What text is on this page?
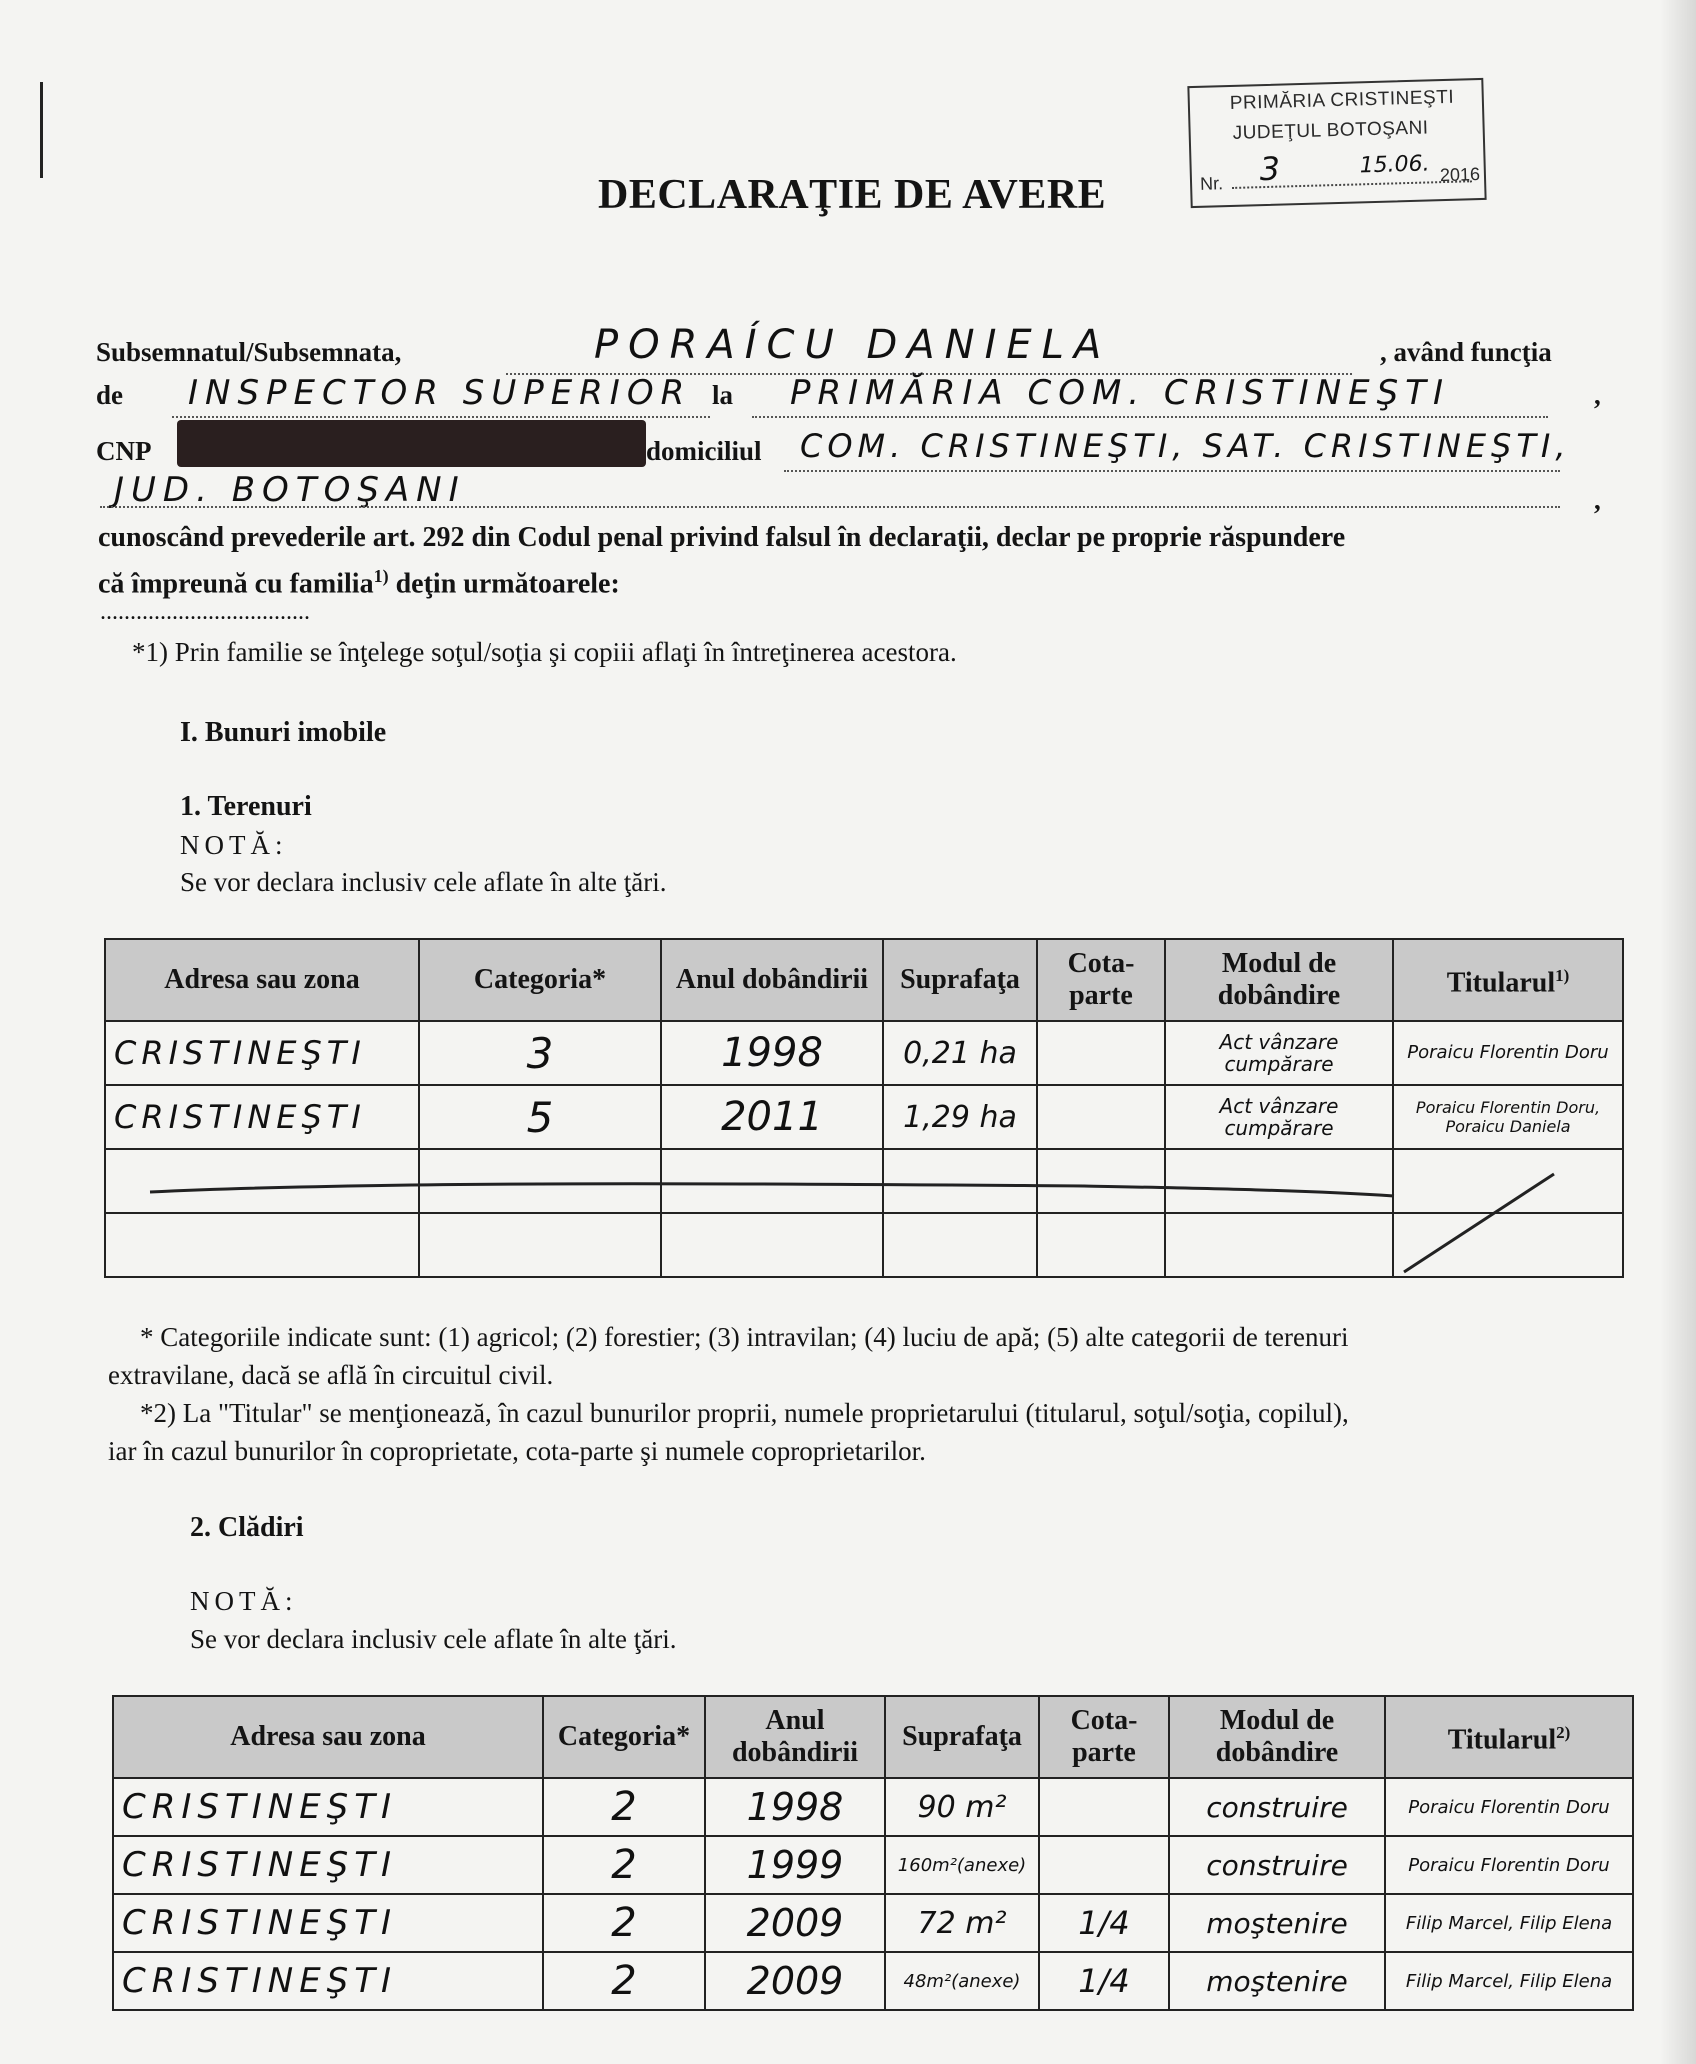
PRIMĂRIA CRISTINEŞTI
JUDEŢUL BOTOŞANI
Nr. 3	15.06. 2016
DECLARAŢIE DE AVERE
Subsemnatul/Subsemnata,	PORAÍCU DANIELA	, având funcţia
de INSPECTOR SUPERIOR la PRIMĂRIA COM. CRISTINEŞTI	,
CNP	domiciliul COM. CRISTINEŞTI, SAT. CRISTINEŞTI,
JUD. BOTOŞANI	,
cunoscând prevederile art. 292 din Codul penal privind falsul în declaraţii, declar pe proprie răspundere
că împreună cu familia$^{1)}$ deţin următoarele:
...................................
*1) Prin familie se înţelege soţul/soţia şi copiii aflaţi în întreţinerea acestora.
I. Bunuri imobile
1. Terenuri
NOTĂ:
Se vor declara inclusiv cele aflate în alte ţări.
Adresa sau zona	Categoria*	Anul dobândirii	Suprafaţa	Cota-parte	Modul de dobândire	Titularul$^{1)}$
CRISTINEŞTI	3	1998	0,21 ha		Act vânzare cumpărare	Poraicu Florentin Doru
CRISTINEŞTI	5	2011	1,29 ha		Act vânzare cumpărare	Poraicu Florentin Doru, Poraicu Daniela

* Categoriile indicate sunt: (1) agricol; (2) forestier; (3) intravilan; (4) luciu de apă; (5) alte categorii de terenuri
extravilane, dacă se află în circuitul civil.
*2) La "Titular" se menţionează, în cazul bunurilor proprii, numele proprietarului (titularul, soţul/soţia, copilul),
iar în cazul bunurilor în coproprietate, cota-parte şi numele coproprietarilor.
2. Clădiri
NOTĂ:
Se vor declara inclusiv cele aflate în alte ţări.
Adresa sau zona	Categoria*	Anul dobândirii	Suprafaţa	Cota-parte	Modul de dobândire	Titularul$^{2)}$
CRISTINEŞTI	2	1998	90 m²		construire	Poraicu Florentin Doru
CRISTINEŞTI	2	1999	160m²(anexe)		construire	Poraicu Florentin Doru
CRISTINEŞTI	2	2009	72 m²	1/4	moştenire	Filip Marcel, Filip Elena
CRISTINEŞTI	2	2009	48m²(anexe)	1/4	moştenire	Filip Marcel, Filip Elena
